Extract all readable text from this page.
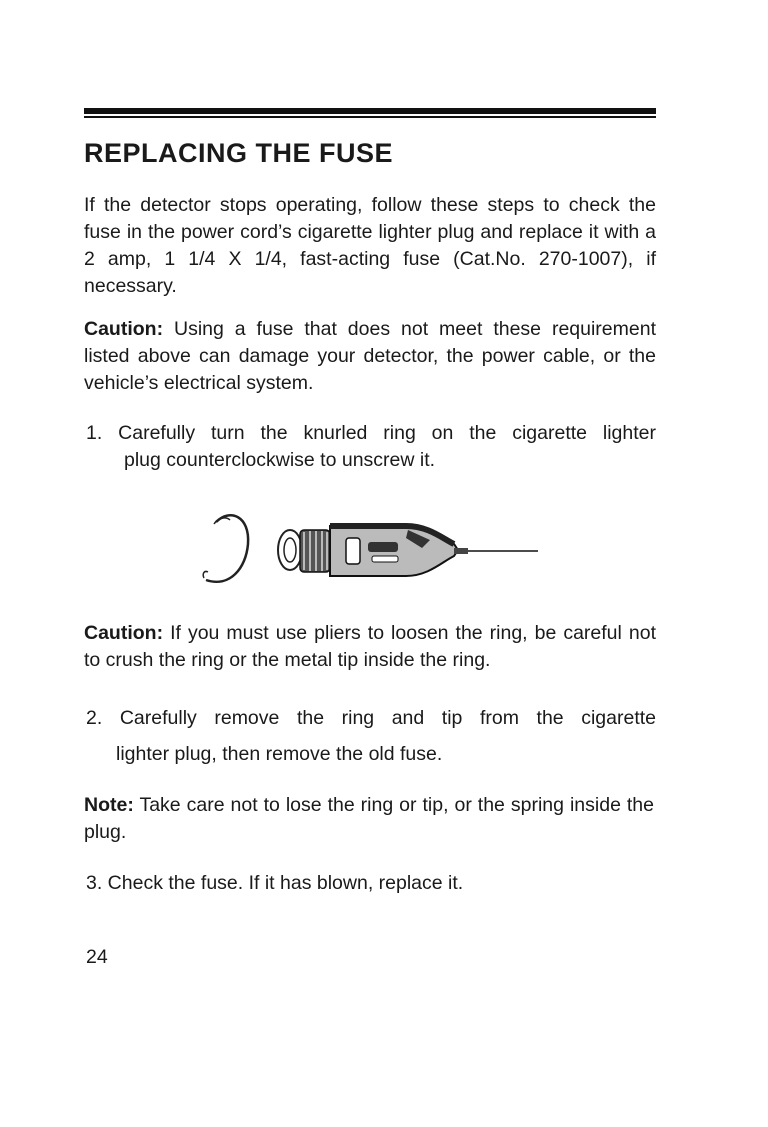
REPLACING THE FUSE

If the detector stops operating, follow these steps to check the fuse in the power cord’s cigarette lighter plug and replace it with a 2 amp, 1 1/4 X 1/4, fast-acting fuse (Cat.No. 270-1007), if necessary.

Caution: Using a fuse that does not meet these requirement listed above can damage your detector, the power cable, or the vehicle’s electrical system.

1. Carefully turn the knurled ring on the cigarette lighter
plug counterclockwise to unscrew it.

Caution: If you must use pliers to loosen the ring, be careful not to crush the ring or the metal tip inside the ring.

2. Carefully remove the ring and tip from the cigarette
lighter plug, then remove the old fuse.

Note: Take care not to lose the ring or tip, or the spring inside the plug.

3. Check the fuse. If it has blown, replace it.

24
